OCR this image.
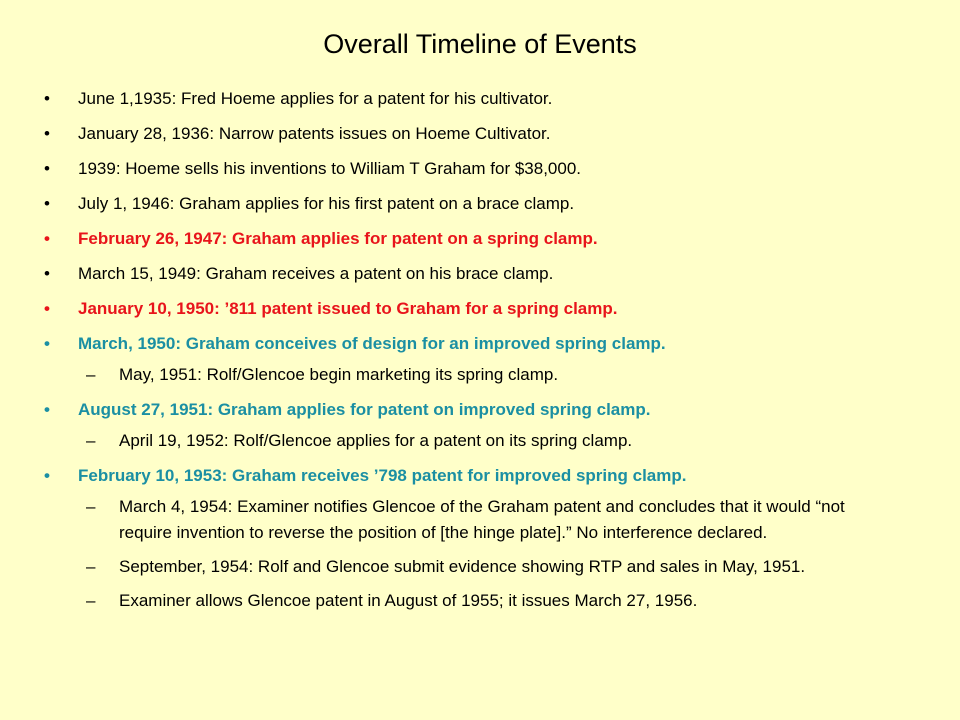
Overall Timeline of Events
• June 1,1935: Fred Hoeme applies for a patent for his cultivator.
• January 28, 1936: Narrow patents issues on Hoeme Cultivator.
• 1939: Hoeme sells his inventions to William T Graham for $38,000.
• July 1, 1946: Graham applies for his first patent on a brace clamp.
• February 26, 1947: Graham applies for patent on a spring clamp.
• March 15, 1949: Graham receives a patent on his brace clamp.
• January 10, 1950: ’811 patent issued to Graham for a spring clamp.
• March, 1950: Graham conceives of design for an improved spring clamp.
– May, 1951: Rolf/Glencoe begin marketing its spring clamp.
• August 27, 1951: Graham applies for patent on improved spring clamp.
– April 19, 1952: Rolf/Glencoe applies for a patent on its spring clamp.
• February 10, 1953: Graham receives ’798 patent for improved spring clamp.
– March 4, 1954: Examiner notifies Glencoe of the Graham patent and concludes that it would “not require invention to reverse the position of [the hinge plate].” No interference declared.
– September, 1954: Rolf and Glencoe submit evidence showing RTP and sales in May, 1951.
– Examiner allows Glencoe patent in August of 1955; it issues March 27, 1956.
